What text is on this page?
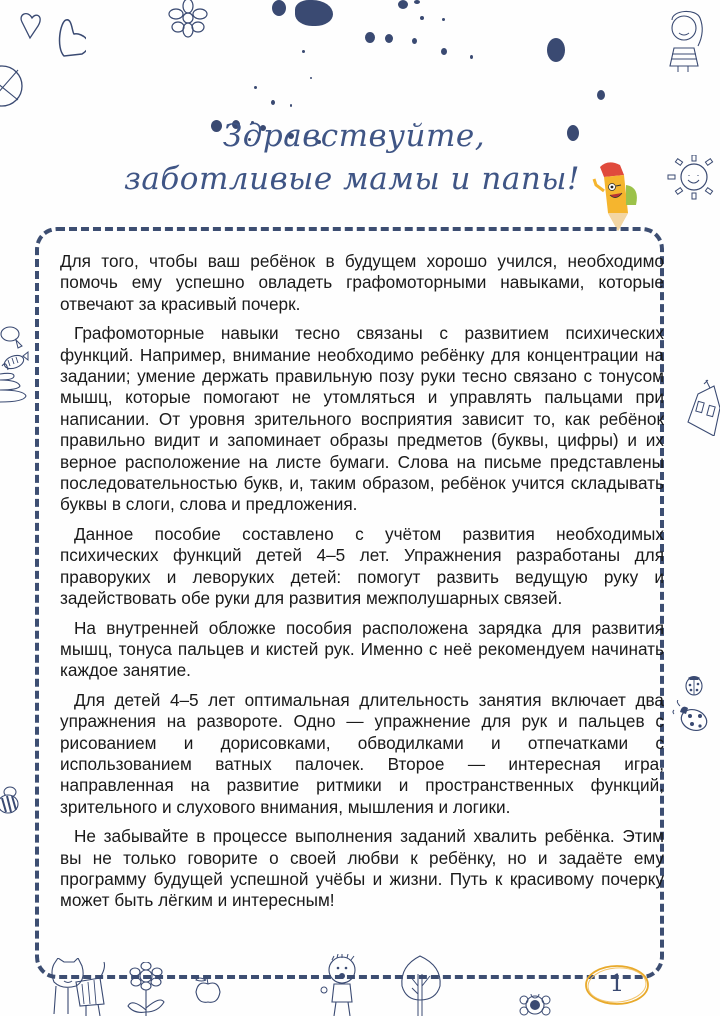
Здравствуйте,
заботливые мамы и папы!

Для того, чтобы ваш ребёнок в будущем хорошо учился, необходимо помочь ему успешно овладеть графомоторными навыками, которые отвечают за красивый почерк.

Графомоторные навыки тесно связаны с развитием психических функций. Например, внимание необходимо ребёнку для концентрации на задании; умение держать правильную позу руки тесно связано с тонусом мышц, которые помогают не утомляться и управлять пальцами при написании. От уровня зрительного восприятия зависит то, как ребёнок правильно видит и запоминает образы предметов (буквы, цифры) и их верное расположение на листе бумаги. Слова на письме представлены последовательностью букв, и, таким образом, ребёнок учится складывать буквы в слоги, слова и предложения.

Данное пособие составлено с учётом развития необходимых психических функций детей 4–5 лет. Упражнения разработаны для праворуких и леворуких детей: помогут развить ведущую руку и задействовать обе руки для развития межполушарных связей.

На внутренней обложке пособия расположена зарядка для развития мышц, тонуса пальцев и кистей рук. Именно с неё рекомендуем начинать каждое занятие.

Для детей 4–5 лет оптимальная длительность занятия включает два упражнения на развороте. Одно — упражнение для рук и пальцев с рисованием и дорисовками, обводилками и отпечатками с использованием ватных палочек. Второе — интересная игра, направленная на развитие ритмики и пространственных функций, зрительного и слухового внимания, мышления и логики.

Не забывайте в процессе выполнения заданий хвалить ребёнка. Этим вы не только говорите о своей любви к ребёнку, но и задаёте ему программу будущей успешной учёбы и жизни. Путь к красивому почерку может быть лёгким и интересным!

1
